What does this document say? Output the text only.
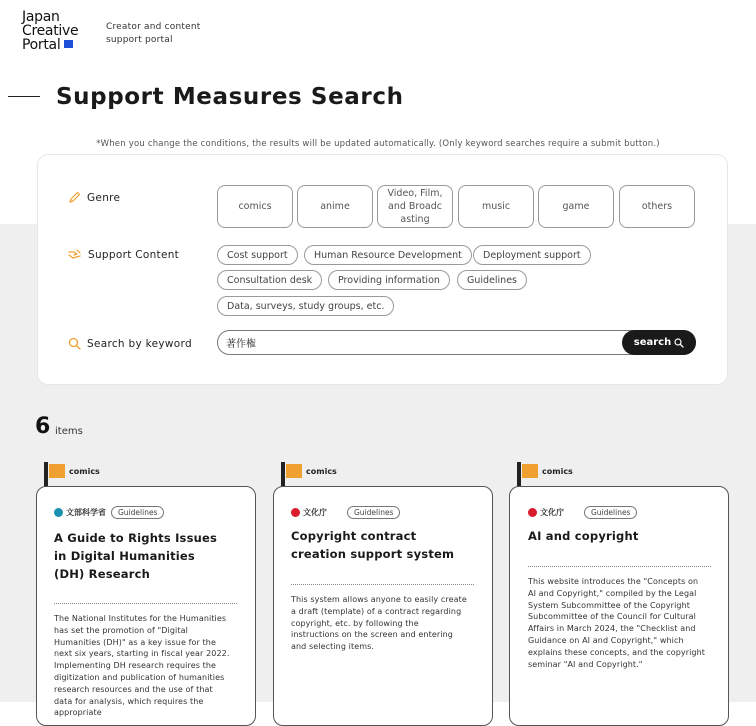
Japan
Creative
Portal
Creator and content
support portal
Support Measures Search
*When you change the conditions, the results will be updated automatically. (Only keyword searches require a submit button.)
Genre
comics	anime
Video, Film, and Broadc asting
music	game	others
Support Content	Cost support	Human Resource Development	Deployment support
Consultation desk	Providing information	Guidelines
Data, surveys, study groups, etc.
Search by keyword
著作権	search
6 items
comics
文部科学省	Guidelines
A Guide to Rights Issues in Digital Humanities (DH) Research
The National Institutes for the Humanities has set the promotion of "Digital Humanities (DH)" as a key issue for the next six years, starting in fiscal year 2022. Implementing DH research requires the digitization and publication of humanities research resources and the use of that data for analysis, which requires the appropriate
comics
文化庁	Guidelines
Copyright contract creation support system
This system allows anyone to easily create a draft (template) of a contract regarding copyright, etc. by following the instructions on the screen and entering and selecting items.
comics
文化庁	Guidelines
AI and copyright
This website introduces the "Concepts on AI and Copyright," compiled by the Legal System Subcommittee of the Copyright Subcommittee of the Council for Cultural Affairs in March 2024, the "Checklist and Guidance on AI and Copyright," which explains these concepts, and the copyright seminar "AI and Copyright."
